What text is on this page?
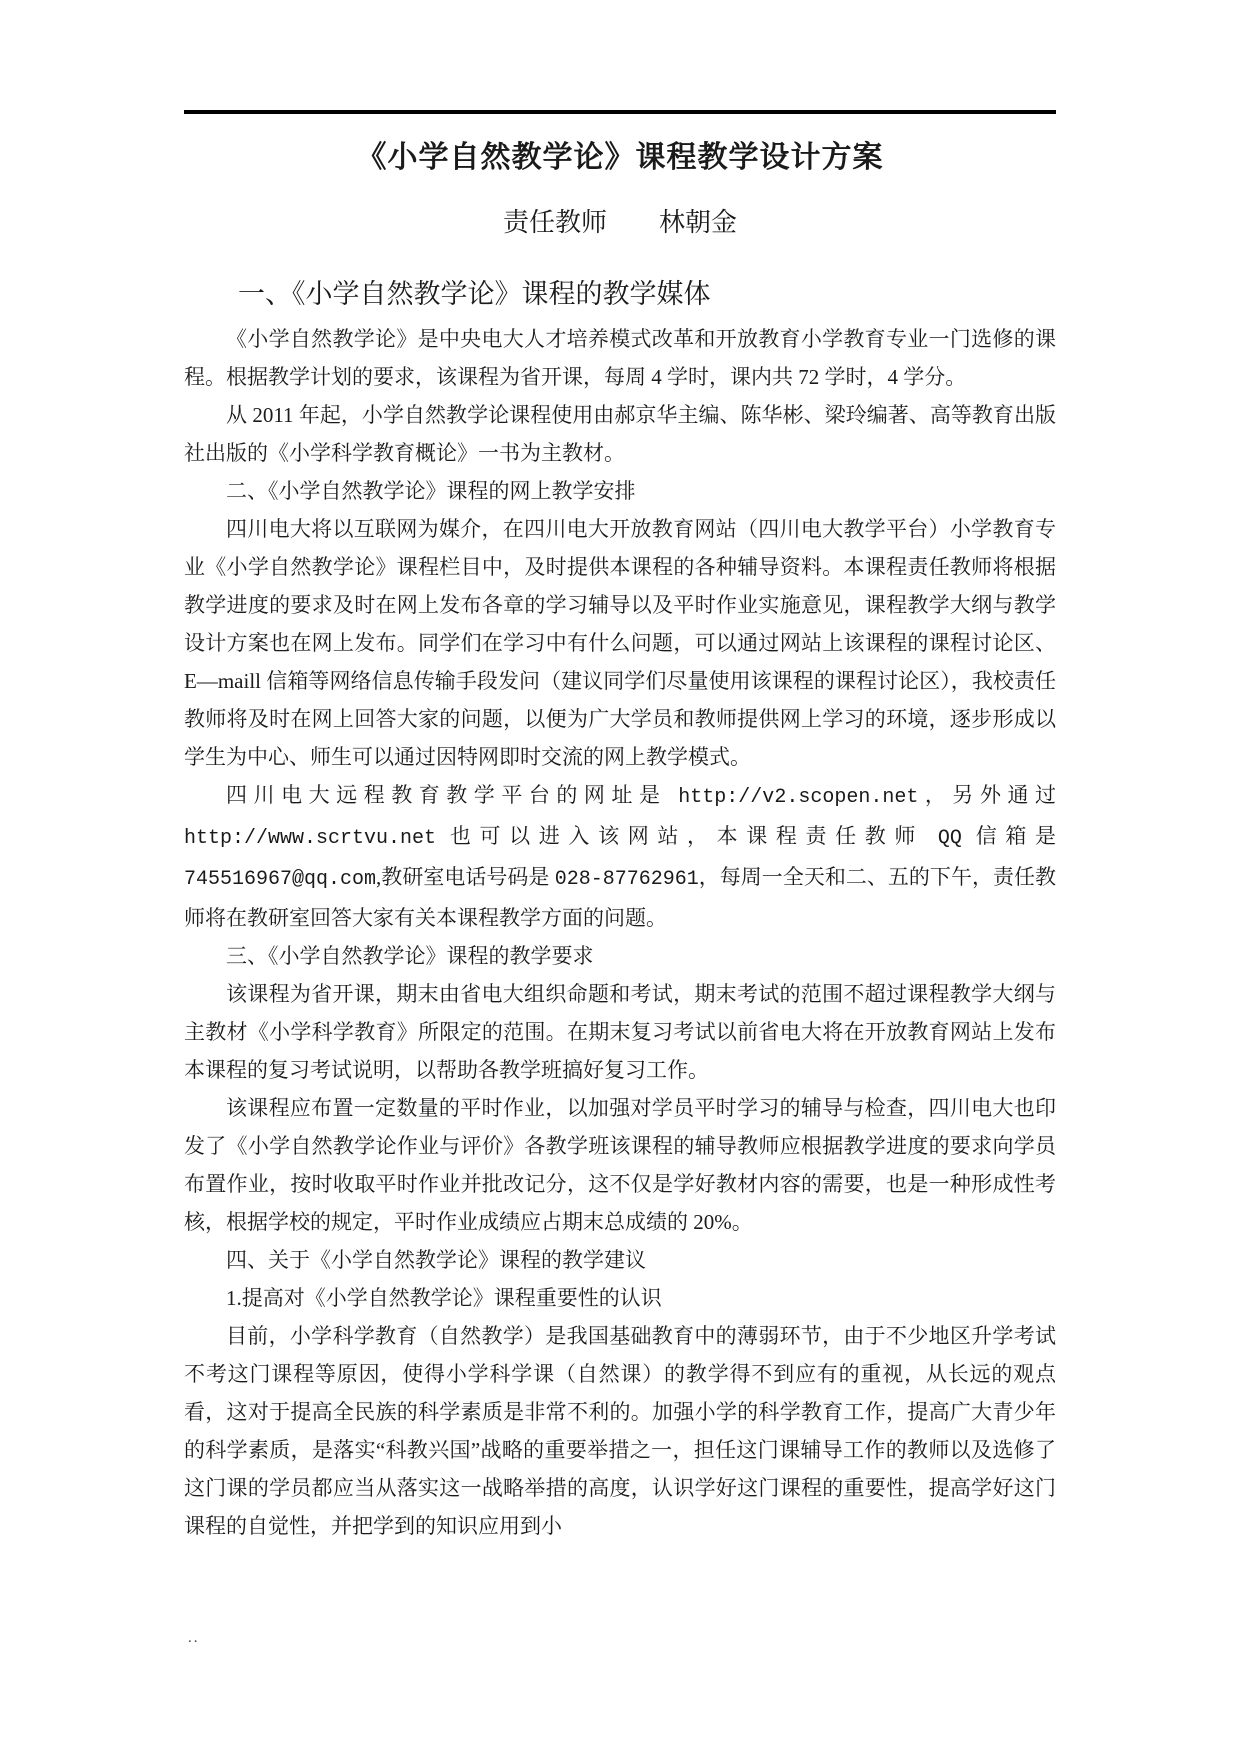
《小学自然教学论》课程教学设计方案
责任教师 林朝金
一、《小学自然教学论》课程的教学媒体

《小学自然教学论》是中央电大人才培养模式改革和开放教育小学教育专业一门选修的课程。根据教学计划的要求，该课程为省开课，每周 4 学时，课内共 72 学时，4 学分。

从 2011 年起，小学自然教学论课程使用由郝京华主编、陈华彬、梁玲编著、高等教育出版社出版的《小学科学教育概论》一书为主教材。

二、《小学自然教学论》课程的网上教学安排

四川电大将以互联网为媒介，在四川电大开放教育网站（四川电大教学平台）小学教育专业《小学自然教学论》课程栏目中，及时提供本课程的各种辅导资料。本课程责任教师将根据教学进度的要求及时在网上发布各章的学习辅导以及平时作业实施意见，课程教学大纲与教学设计方案也在网上发布。同学们在学习中有什么问题，可以通过网站上该课程的课程讨论区、E—maill 信箱等网络信息传输手段发问（建议同学们尽量使用该课程的课程讨论区），我校责任教师将及时在网上回答大家的问题，以便为广大学员和教师提供网上学习的环境，逐步形成以学生为中心、师生可以通过因特网即时交流的网上教学模式。

四川电大远程教育教学平台的网址是 http://v2.scopen.net，另外通过 http://www.scrtvu.net 也可以进入该网站，本课程责任教师 QQ 信箱是 745516967@qq.com,教研室电话号码是 028-87762961，每周一全天和二、五的下午，责任教师将在教研室回答大家有关本课程教学方面的问题。

三、《小学自然教学论》课程的教学要求

该课程为省开课，期末由省电大组织命题和考试，期末考试的范围不超过课程教学大纲与主教材《小学科学教育》所限定的范围。在期末复习考试以前省电大将在开放教育网站上发布本课程的复习考试说明，以帮助各教学班搞好复习工作。

该课程应布置一定数量的平时作业，以加强对学员平时学习的辅导与检查，四川电大也印发了《小学自然教学论作业与评价》各教学班该课程的辅导教师应根据教学进度的要求向学员布置作业，按时收取平时作业并批改记分，这不仅是学好教材内容的需要，也是一种形成性考核，根据学校的规定，平时作业成绩应占期末总成绩的 20%。

四、关于《小学自然教学论》课程的教学建议

1.提高对《小学自然教学论》课程重要性的认识

目前，小学科学教育（自然教学）是我国基础教育中的薄弱环节，由于不少地区升学考试不考这门课程等原因，使得小学科学课（自然课）的教学得不到应有的重视，从长远的观点看，这对于提高全民族的科学素质是非常不利的。加强小学的科学教育工作，提高广大青少年的科学素质，是落实“科教兴国”战略的重要举措之一，担任这门课辅导工作的教师以及选修了这门课的学员都应当从落实这一战略举措的高度，认识学好这门课程的重要性，提高学好这门课程的自觉性，并把学到的知识应用到小

..
